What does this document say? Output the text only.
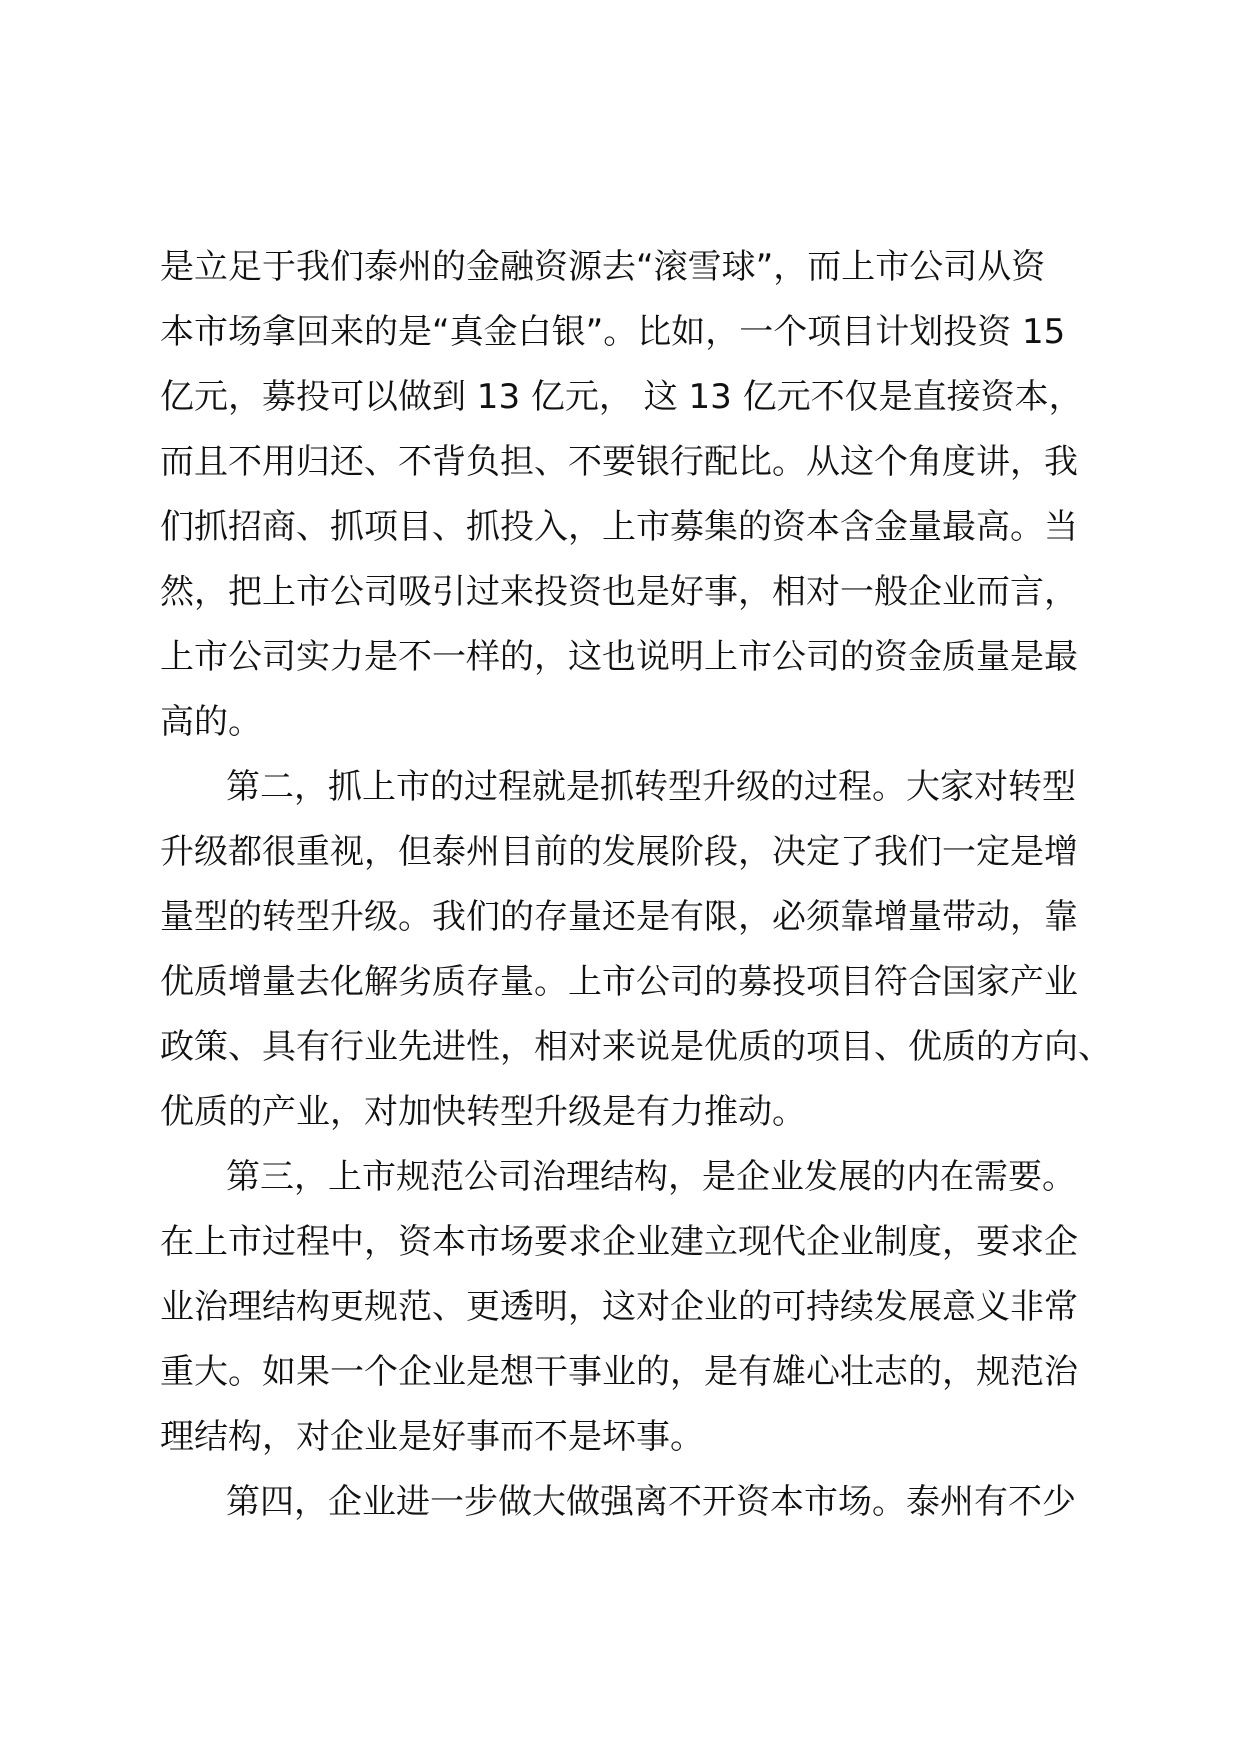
是立足于我们泰州的金融资源去“滚雪球”，而上市公司从资

本市场拿回来的是“真金白银”。比如，一个项目计划投资 15

亿元，募投可以做到 13 亿元， 这 13 亿元不仅是直接资本，

而且不用归还、不背负担、不要银行配比。从这个角度讲，我

们抓招商、抓项目、抓投入，上市募集的资本含金量最高。当

然，把上市公司吸引过来投资也是好事，相对一般企业而言，

上市公司实力是不一样的，这也说明上市公司的资金质量是最

高的。

第二，抓上市的过程就是抓转型升级的过程。大家对转型

升级都很重视，但泰州目前的发展阶段，决定了我们一定是增

量型的转型升级。我们的存量还是有限，必须靠增量带动，靠

优质增量去化解劣质存量。上市公司的募投项目符合国家产业

政策、具有行业先进性，相对来说是优质的项目、优质的方向、

优质的产业，对加快转型升级是有力推动。

第三，上市规范公司治理结构，是企业发展的内在需要。

在上市过程中，资本市场要求企业建立现代企业制度，要求企

业治理结构更规范、更透明，这对企业的可持续发展意义非常

重大。如果一个企业是想干事业的，是有雄心壮志的，规范治

理结构，对企业是好事而不是坏事。

第四，企业进一步做大做强离不开资本市场。泰州有不少
